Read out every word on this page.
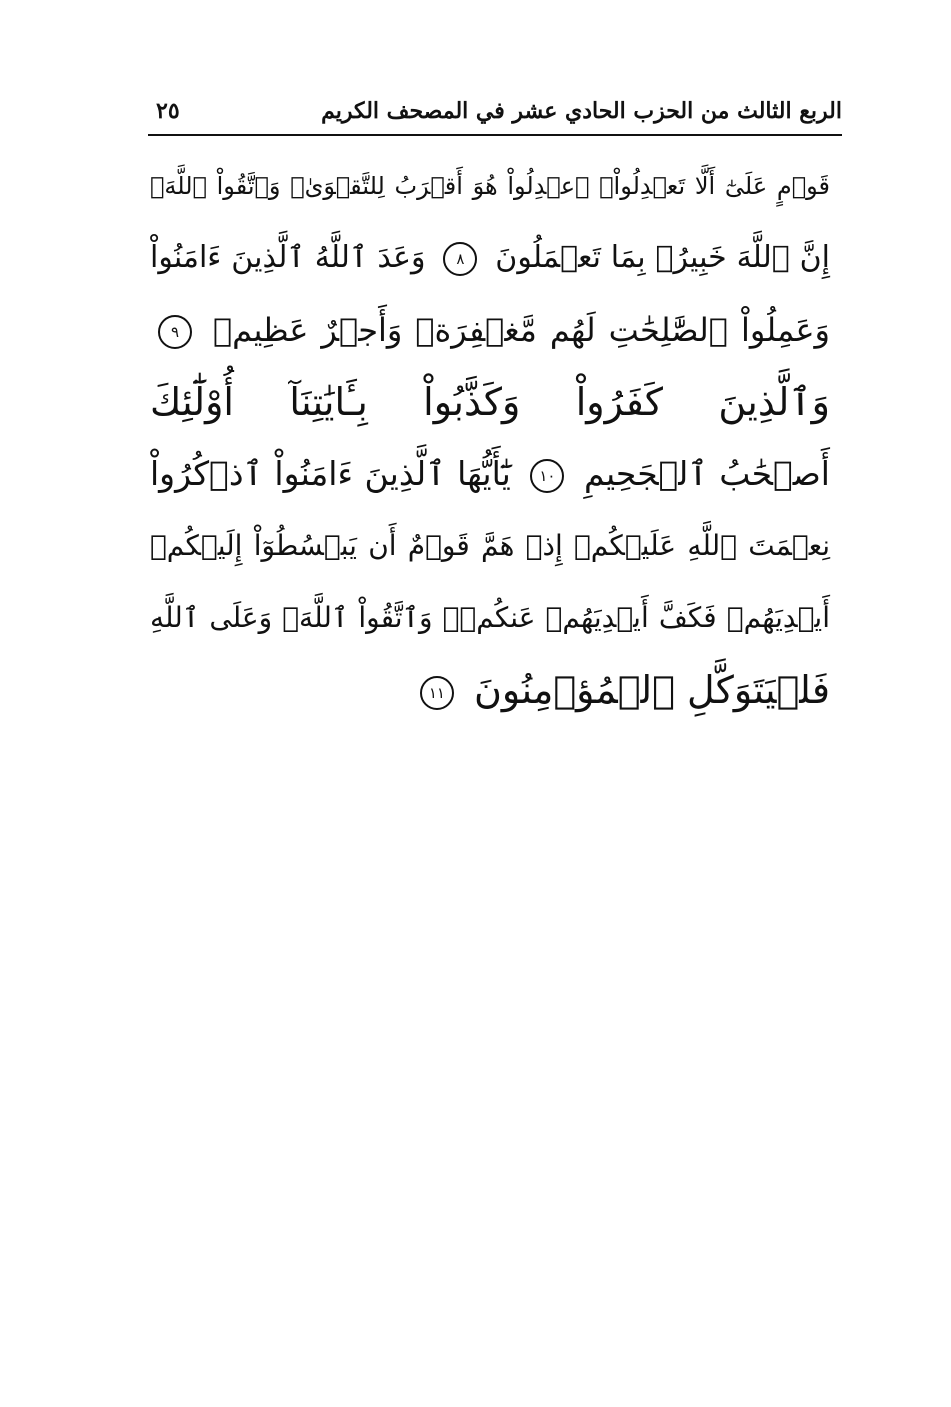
الربع الثالث من الحزب الحادي عشر في المصحف الكريم
٢٥
قَوۡمٍ عَلَىٰٓ أَلَّا تَعۡدِلُواْۚ ٱعۡدِلُواْ هُوَ أَقۡرَبُ لِلتَّقۡوَىٰۖ وَٱتَّقُواْ ٱللَّهَۚ
إِنَّ ٱللَّهَ خَبِيرُۢ بِمَا تَعۡمَلُونَ ٨ وَعَدَ ٱللَّهُ ٱلَّذِينَ ءَامَنُواْ
وَعَمِلُواْ ٱلصَّٰلِحَٰتِ لَهُم مَّغۡفِرَةٞ وَأَجۡرٌ عَظِيمٞ ٩
وَٱلَّذِينَ كَفَرُواْ وَكَذَّبُواْ بِـَٔايَٰتِنَآ أُوْلَٰٓئِكَ
أَصۡحَٰبُ ٱلۡجَحِيمِ ١٠ يَٰٓأَيُّهَا ٱلَّذِينَ ءَامَنُواْ ٱذۡكُرُواْ
نِعۡمَتَ ٱللَّهِ عَلَيۡكُمۡ إِذۡ هَمَّ قَوۡمٌ أَن يَبۡسُطُوٓاْ إِلَيۡكُمۡ
أَيۡدِيَهُمۡ فَكَفَّ أَيۡدِيَهُمۡ عَنكُمۡۖ وَٱتَّقُواْ ٱللَّهَۚ وَعَلَى ٱللَّهِ
فَلۡيَتَوَكَّلِ ٱلۡمُؤۡمِنُونَ ١١
